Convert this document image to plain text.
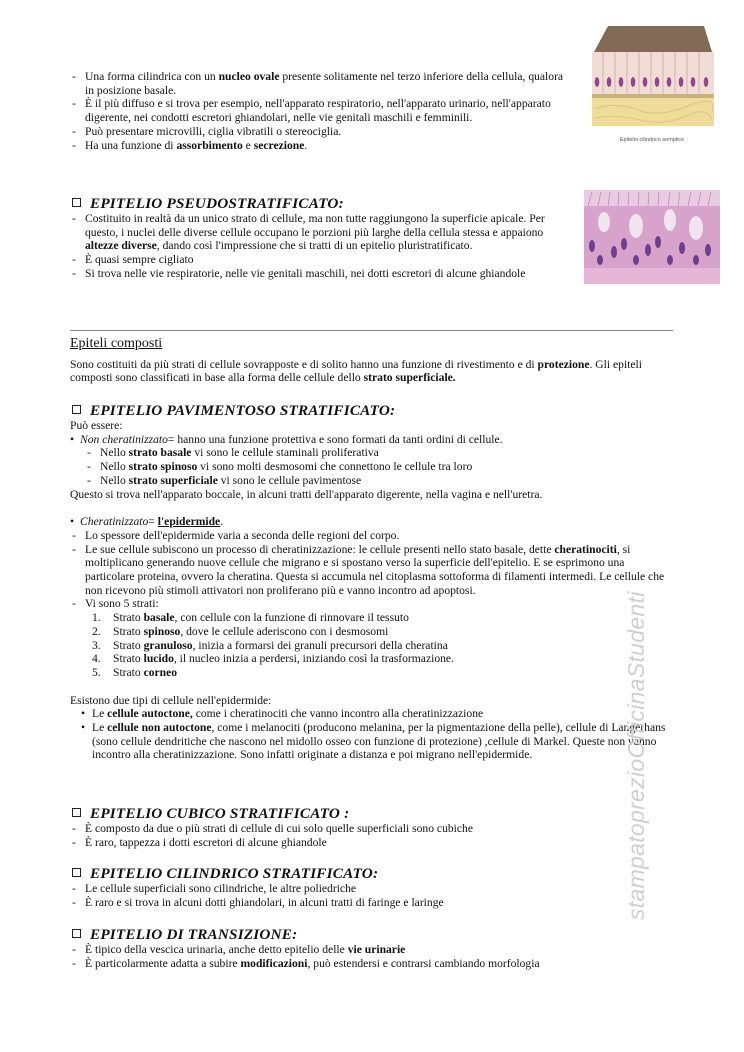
Epitelio cilindrico semplice
- Una forma cilindrica con un nucleo ovale presente solitamente nel terzo inferiore della cellula, qualora in posizione basale.
- È il più diffuso e si trova per esempio, nell'apparato respiratorio, nell'apparato urinario, nell'apparato digerente, nei condotti escretori ghiandolari, nelle vie genitali maschili e femminili.
- Può presentare microvilli, ciglia vibratili o stereociglia.
- Ha una funzione di assorbimento e secrezione.
EPITELIO PSEUDOSTRATIFICATO:
- Costituito in realtà da un unico strato di cellule, ma non tutte raggiungono la superficie apicale. Per questo, i nuclei delle diverse cellule occupano le porzioni più larghe della cellula stessa e appaiono altezze diverse, dando così l'impressione che si tratti di un epitelio pluristratificato.
- È quasi sempre cigliato
- Si trova nelle vie respiratorie, nelle vie genitali maschili, nei dotti escretori di alcune ghiandole
Epiteli composti
Sono costituiti da più strati di cellule sovrapposte e di solito hanno una funzione di rivestimento e di protezione. Gli epiteli composti sono classificati in base alla forma delle cellule dello strato superficiale.
EPITELIO PAVIMENTOSO STRATIFICATO:
Può essere:
• Non cheratinizzato= hanno una funzione protettiva e sono formati da tanti ordini di cellule.
- Nello strato basale vi sono le cellule staminali proliferativa
- Nello strato spinoso vi sono molti desmosomi che connettono le cellule tra loro
- Nello strato superficiale vi sono le cellule pavimentose
Questo si trova nell'apparato boccale, in alcuni tratti dell'apparato digerente, nella vagina e nell'uretra.
• Cheratinizzato= l'epidermide.
- Lo spessore dell'epidermide varia a seconda delle regioni del corpo.
- Le sue cellule subiscono un processo di cheratinizzazione: le cellule presenti nello stato basale, dette cheratinociti, si moltiplicano generando nuove cellule che migrano e si spostano verso la superficie dell'epitelio. E se esprimono una particolare proteina, ovvero la cheratina. Questa si accumula nel citoplasma sottoforma di filamenti intermedi. Le cellule che non ricevono più stimoli attivatori non proliferano più e vanno incontro ad apoptosi.
- Vi sono 5 strati:
1. Strato basale, con cellule con la funzione di rinnovare il tessuto
2. Strato spinoso, dove le cellule aderiscono con i desmosomi
3. Strato granuloso, inizia a formarsi dei granuli precursori della cheratina
4. Strato lucido, il nucleo inizia a perdersi, iniziando così la trasformazione.
5. Strato corneo
Esistono due tipi di cellule nell'epidermide:
• Le cellule autoctone, come i cheratinociti che vanno incontro alla cheratinizzazione
• Le cellule non autoctone, come i melanociti (producono melanina, per la pigmentazione della pelle), cellule di Langerhans (sono cellule dendritiche che nascono nel midollo osseo con funzione di protezione) ,cellule di Markel. Queste non vanno incontro alla cheratinizzazione. Sono infatti originate a distanza e poi migrano nell'epidermide.
EPITELIO CUBICO STRATIFICATO :
- È composto da due o più strati di cellule di cui solo quelle superficiali sono cubiche
- È raro, tappezza i dotti escretori di alcune ghiandole
EPITELIO CILINDRICO STRATIFICATO:
- Le cellule superficiali sono cilindriche, le altre poliedriche
- È raro e si trova in alcuni dotti ghiandolari, in alcuni tratti di faringe e laringe
EPITELIO DI TRANSIZIONE:
- È tipico della vescica urinaria, anche detto epitelio delle vie urinarie
- È particolarmente adatta a subire modificazioni, può estendersi e contrarsi cambiando morfologia
stampatoprezioOfficinaStudenti
